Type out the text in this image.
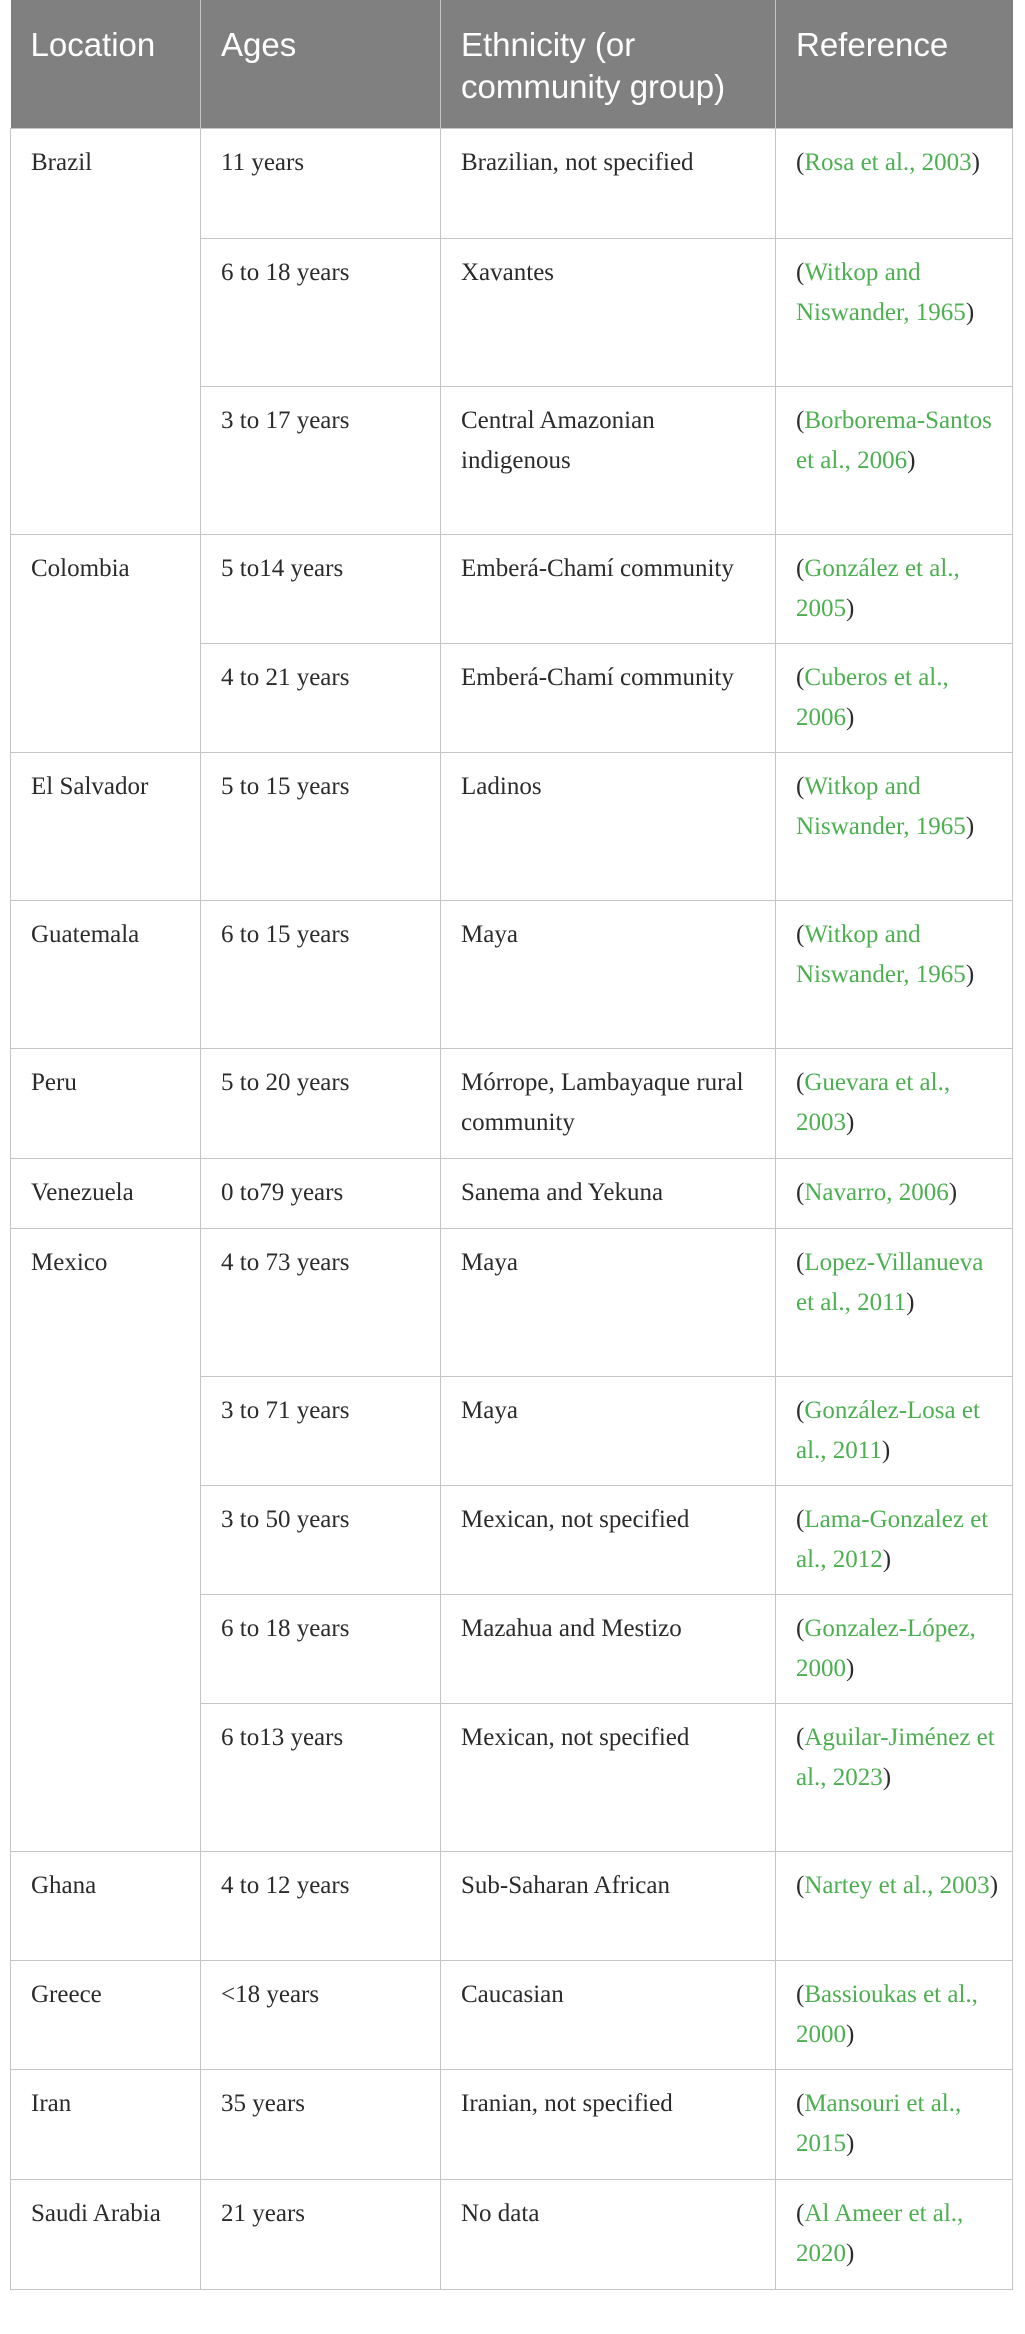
Location	Ages	Ethnicity (or community group)	Reference
Brazil	11 years	Brazilian, not specified	(Rosa et al., 2003)
	6 to 18 years	Xavantes	(Witkop and Niswander, 1965)
	3 to 17 years	Central Amazonian indigenous	(Borborema-Santos et al., 2006)
Colombia	5 to14 years	Emberá-Chamí community	(González et al., 2005)
	4 to 21 years	Emberá-Chamí community	(Cuberos et al., 2006)
El Salvador	5 to 15 years	Ladinos	(Witkop and Niswander, 1965)
Guatemala	6 to 15 years	Maya	(Witkop and Niswander, 1965)
Peru	5 to 20 years	Mórrope, Lambayaque rural community	(Guevara et al., 2003)
Venezuela	0 to79 years	Sanema and Yekuna	(Navarro, 2006)
Mexico	4 to 73 years	Maya	(Lopez-Villanueva et al., 2011)
	3 to 71 years	Maya	(González-Losa et al., 2011)
	3 to 50 years	Mexican, not specified	(Lama-Gonzalez et al., 2012)
	6 to 18 years	Mazahua and Mestizo	(Gonzalez-López, 2000)
	6 to13 years	Mexican, not specified	(Aguilar-Jiménez et al., 2023)
Ghana	4 to 12 years	Sub-Saharan African	(Nartey et al., 2003)
Greece	<18 years	Caucasian	(Bassioukas et al., 2000)
Iran	35 years	Iranian, not specified	(Mansouri et al., 2015)
Saudi Arabia	21 years	No data	(Al Ameer et al., 2020)
